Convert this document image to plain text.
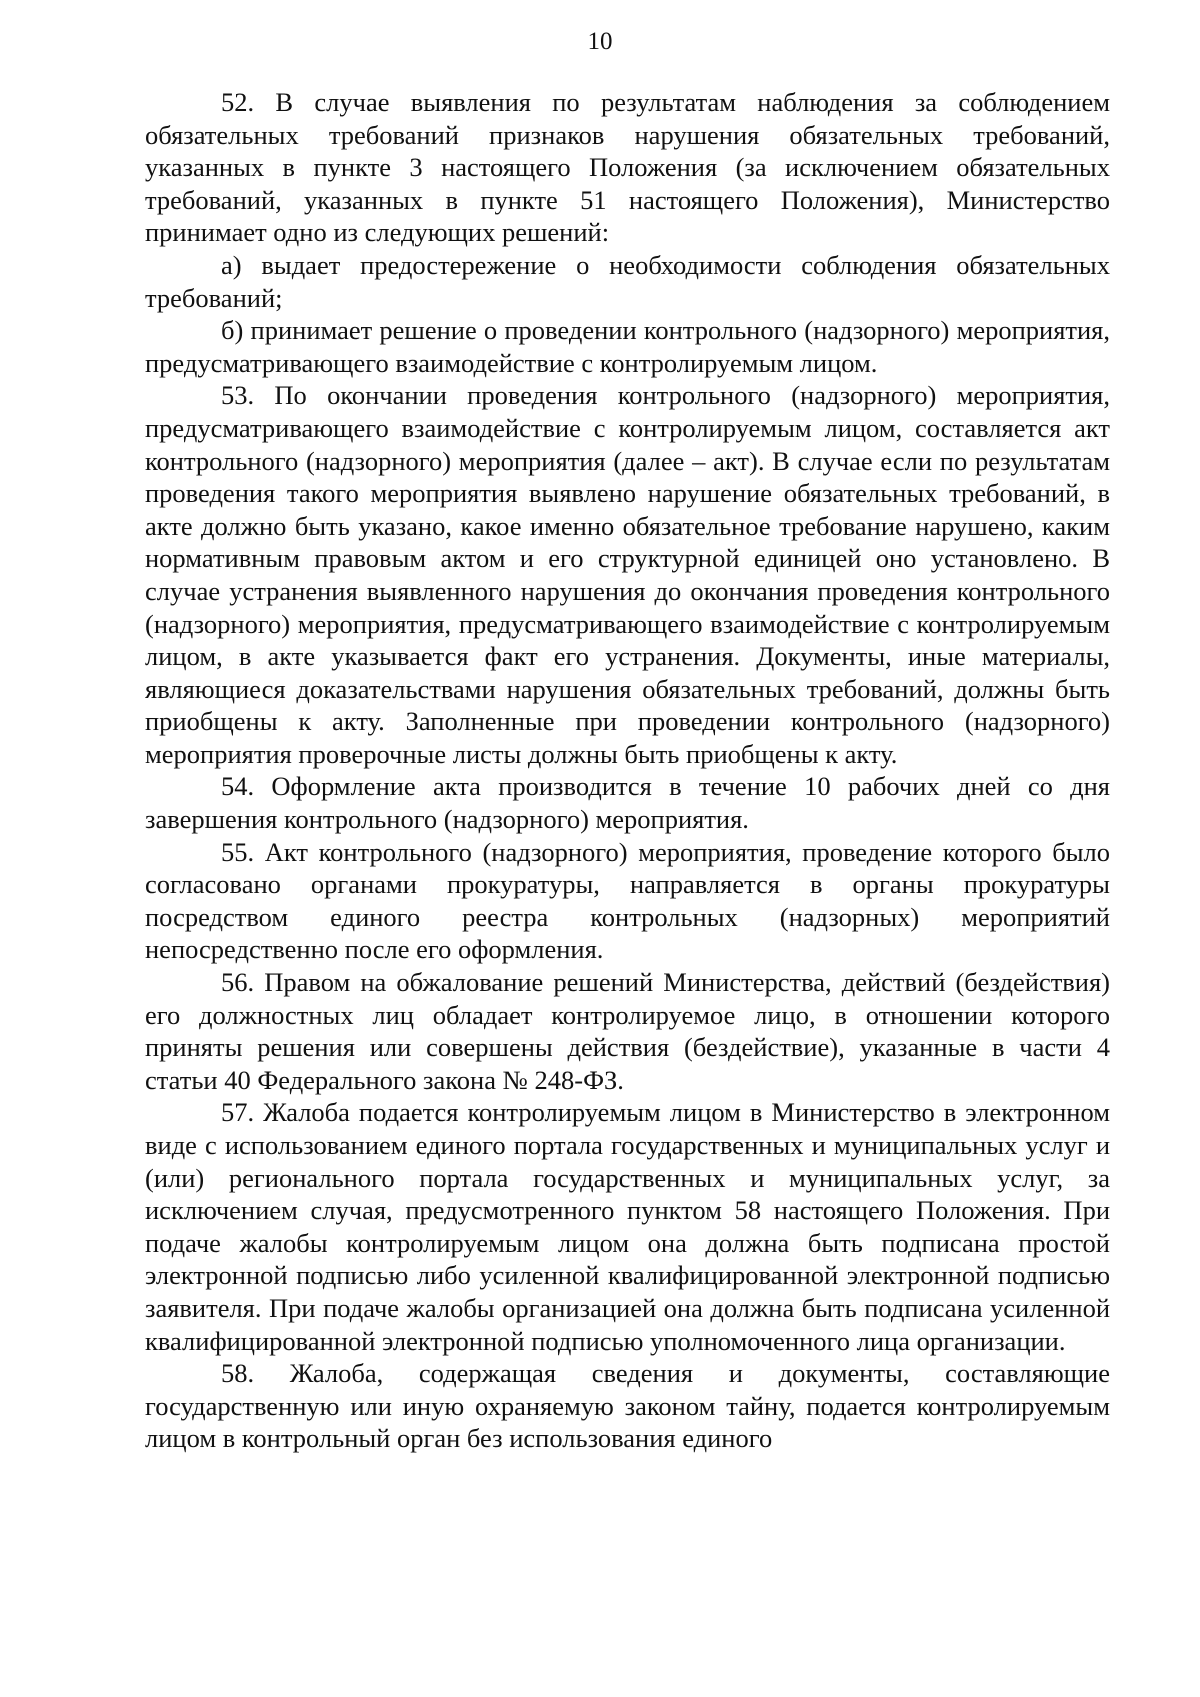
10

52. В случае выявления по результатам наблюдения за соблюдением обязательных требований признаков нарушения обязательных требований, указанных в пункте 3 настоящего Положения (за исключением обязательных требований, указанных в пункте 51 настоящего Положения), Министерство принимает одно из следующих решений:

а) выдает предостережение о необходимости соблюдения обязательных требований;

б) принимает решение о проведении контрольного (надзорного) мероприятия, предусматривающего взаимодействие с контролируемым лицом.

53. По окончании проведения контрольного (надзорного) мероприятия, предусматривающего взаимодействие с контролируемым лицом, составляется акт контрольного (надзорного) мероприятия (далее – акт). В случае если по результатам проведения такого мероприятия выявлено нарушение обязательных требований, в акте должно быть указано, какое именно обязательное требование нарушено, каким нормативным правовым актом и его структурной единицей оно установлено. В случае устранения выявленного нарушения до окончания проведения контрольного (надзорного) мероприятия, предусматривающего взаимодействие с контролируемым лицом, в акте указывается факт его устранения. Документы, иные материалы, являющиеся доказательствами нарушения обязательных требований, должны быть приобщены к акту. Заполненные при проведении контрольного (надзорного) мероприятия проверочные листы должны быть приобщены к акту.

54. Оформление акта производится в течение 10 рабочих дней со дня завершения контрольного (надзорного) мероприятия.

55. Акт контрольного (надзорного) мероприятия, проведение которого было согласовано органами прокуратуры, направляется в органы прокуратуры посредством единого реестра контрольных (надзорных) мероприятий непосредственно после его оформления.

56. Правом на обжалование решений Министерства, действий (бездействия) его должностных лиц обладает контролируемое лицо, в отношении которого приняты решения или совершены действия (бездействие), указанные в части 4 статьи 40 Федерального закона № 248-ФЗ.

57. Жалоба подается контролируемым лицом в Министерство в электронном виде с использованием единого портала государственных и муниципальных услуг и (или) регионального портала государственных и муниципальных услуг, за исключением случая, предусмотренного пунктом 58 настоящего Положения. При подаче жалобы контролируемым лицом она должна быть подписана простой электронной подписью либо усиленной квалифицированной электронной подписью заявителя. При подаче жалобы организацией она должна быть подписана усиленной квалифицированной электронной подписью уполномоченного лица организации.

58. Жалоба, содержащая сведения и документы, составляющие государственную или иную охраняемую законом тайну, подается контролируемым лицом в контрольный орган без использования единого
